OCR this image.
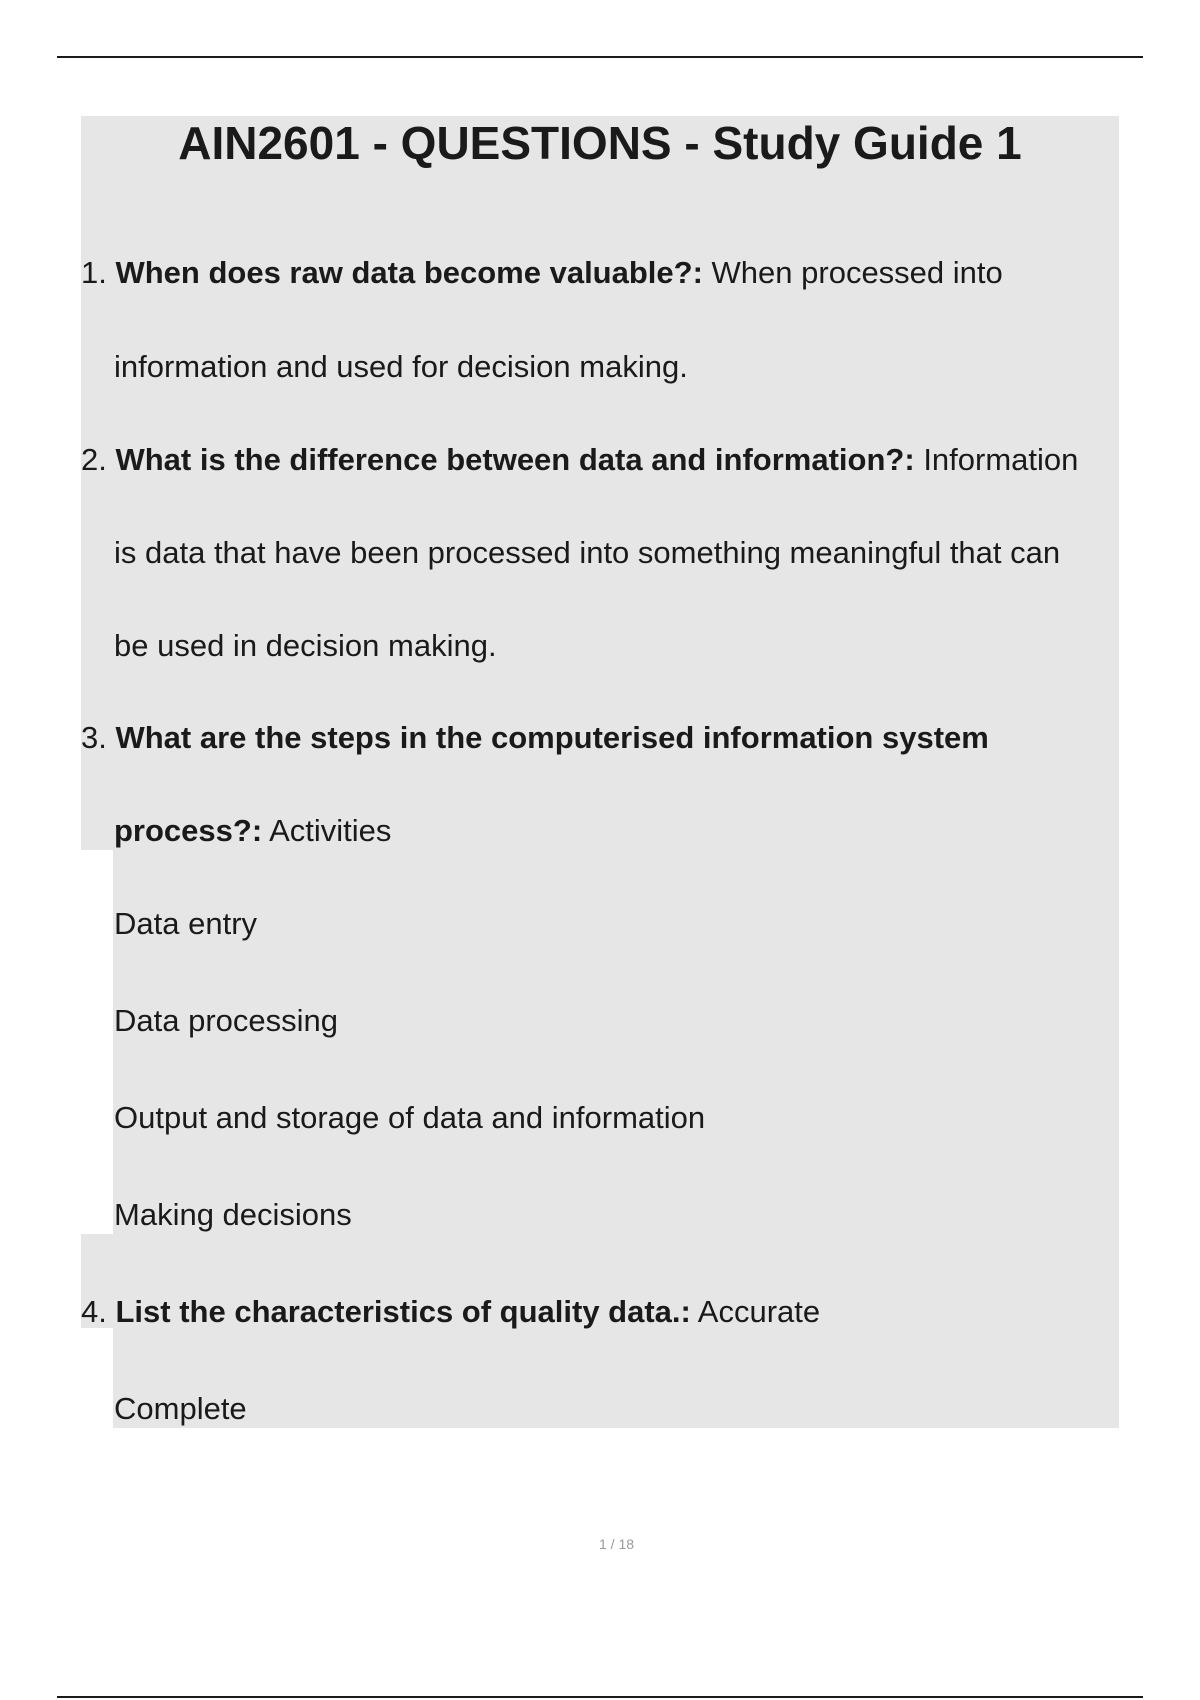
AIN2601 - QUESTIONS - Study Guide 1
1. When does raw data become valuable?: When processed into
information and used for decision making.
2. What is the difference between data and information?: Information
is data that have been processed into something meaningful that can
be used in decision making.
3. What are the steps in the computerised information system
process?: Activities
Data entry
Data processing
Output and storage of data and information
Making decisions
4. List the characteristics of quality data.: Accurate
Complete
1 / 18
